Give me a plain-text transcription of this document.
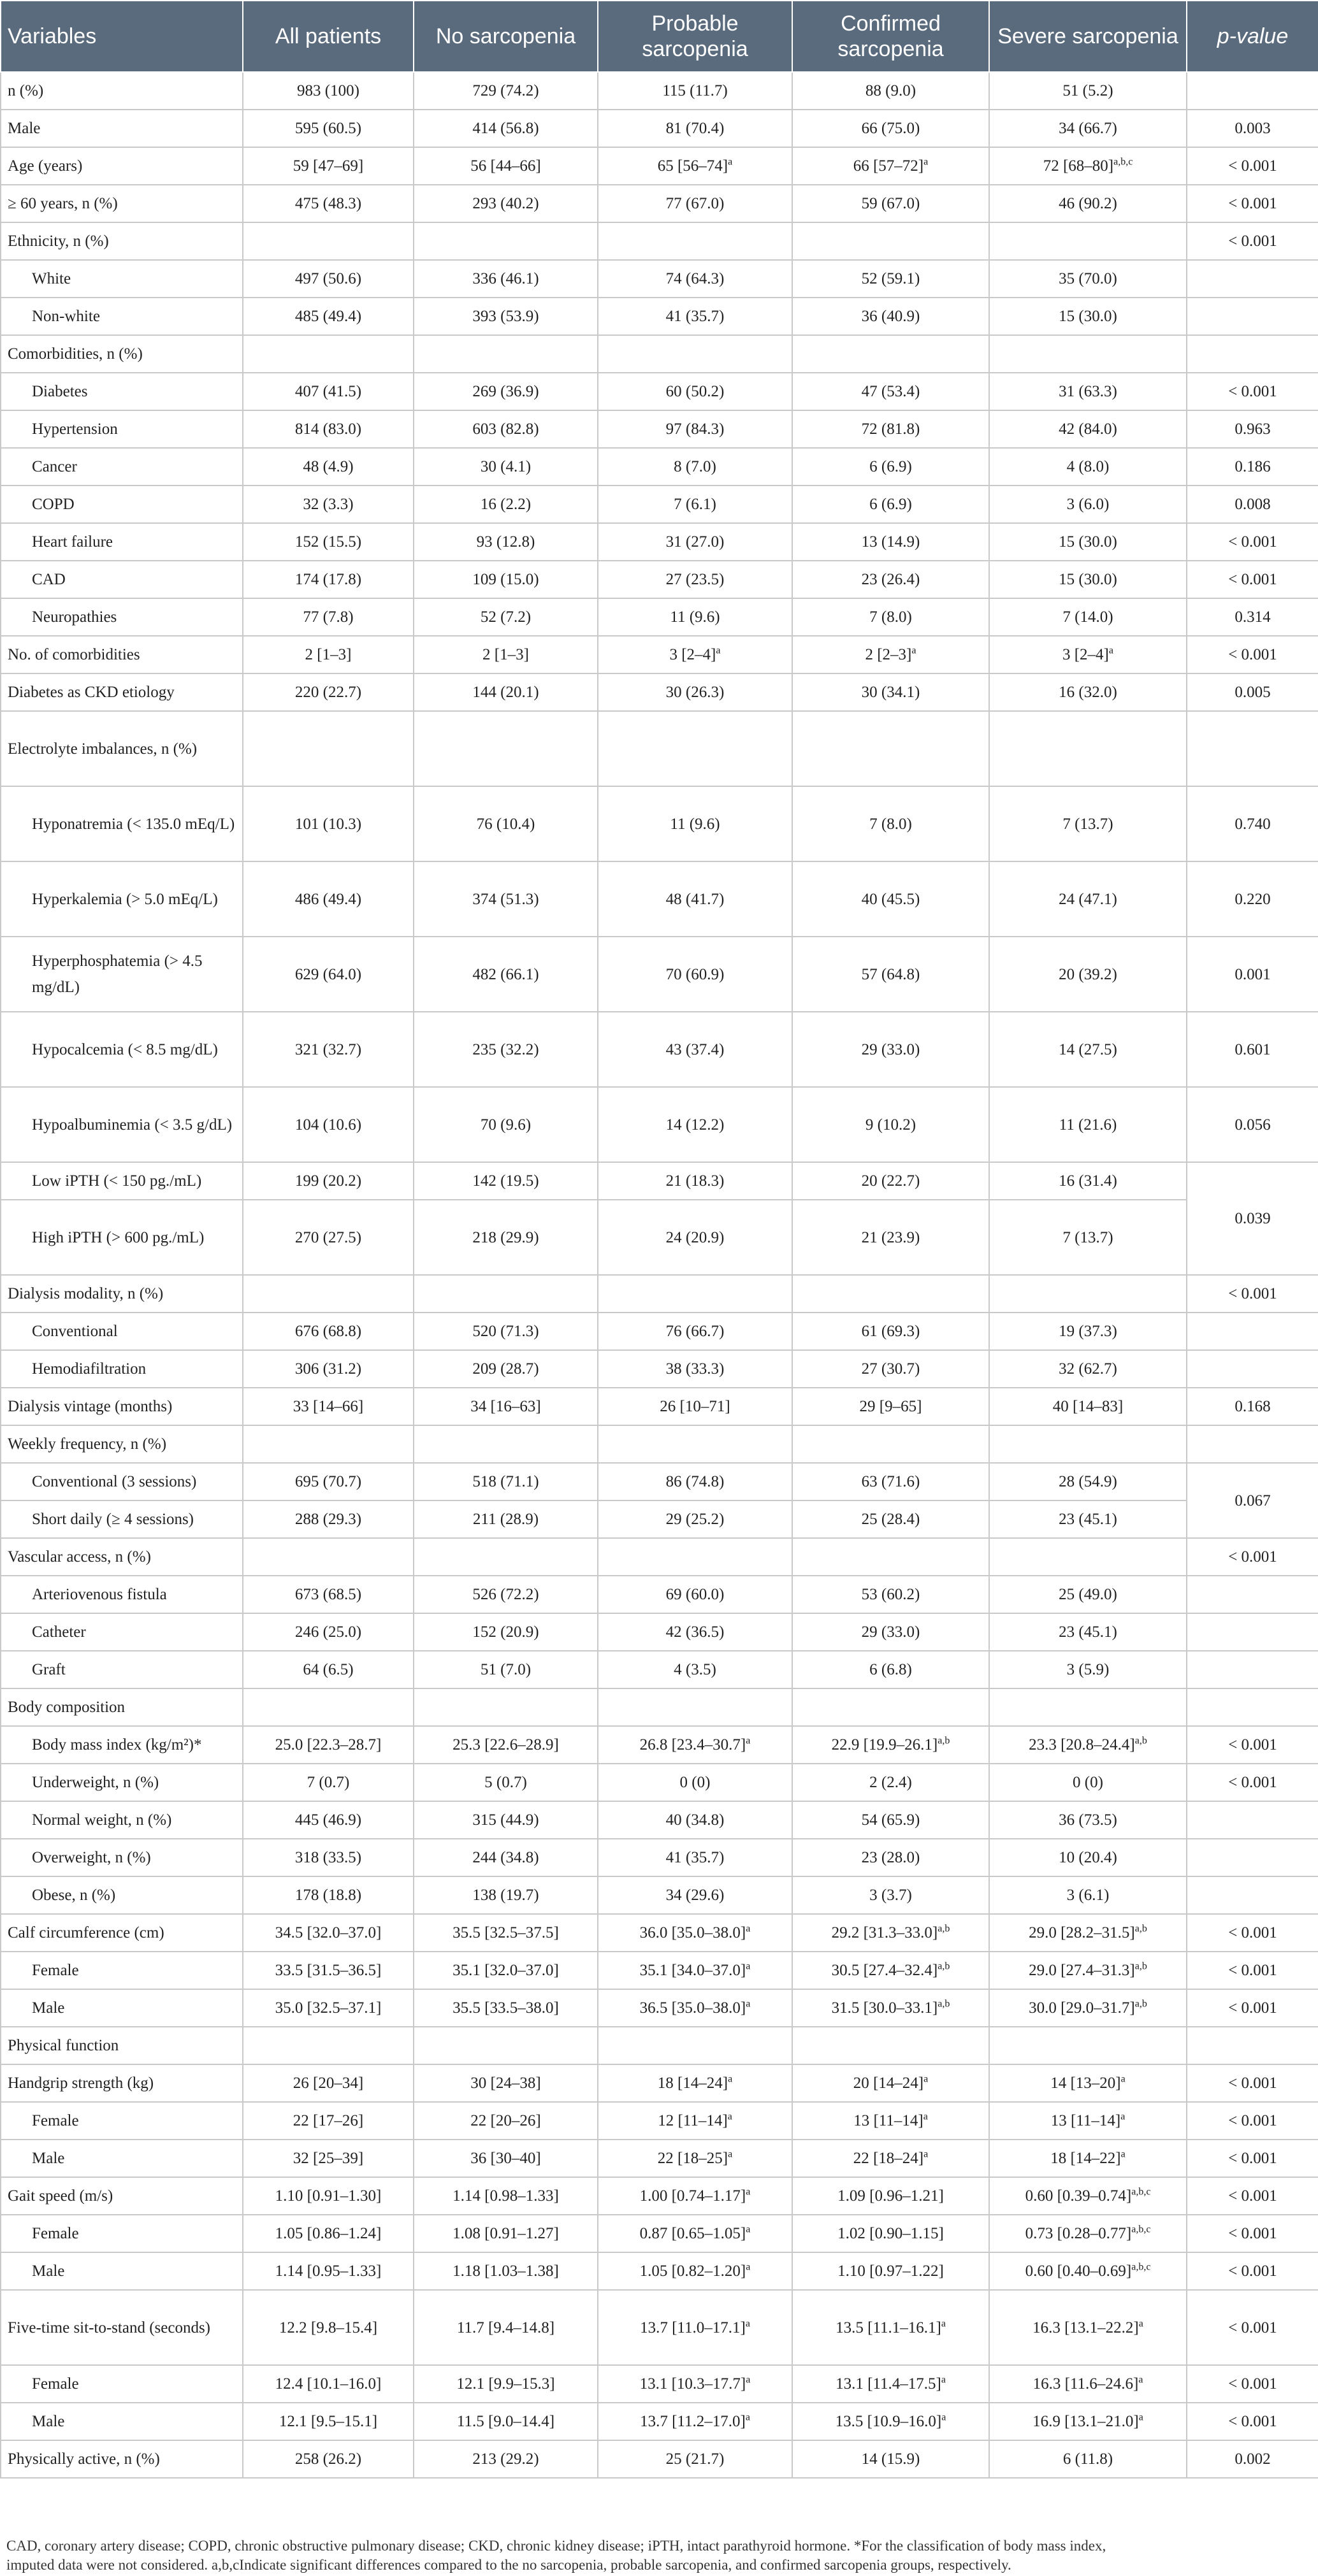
Variables	All patients	No sarcopenia	Probable sarcopenia	Confirmed sarcopenia	Severe sarcopenia	p-value
n (%)	983 (100)	729 (74.2)	115 (11.7)	88 (9.0)	51 (5.2)	
Male	595 (60.5)	414 (56.8)	81 (70.4)	66 (75.0)	34 (66.7)	0.003
Age (years)	59 [47–69]	56 [44–66]	65 $[56-74]^a$	66 $[57-72]^a$	72 $[68-80]^{a,b,c}$	< 0.001
≥ 60 years, n (%)	475 (48.3)	293 (40.2)	77 (67.0)	59 (67.0)	46 (90.2)	< 0.001
Ethnicity, n (%)						< 0.001
White	497 (50.6)	336 (46.1)	74 (64.3)	52 (59.1)	35 (70.0)	
Non-white	485 (49.4)	393 (53.9)	41 (35.7)	36 (40.9)	15 (30.0)	
Comorbidities, n (%)						
Diabetes	407 (41.5)	269 (36.9)	60 (50.2)	47 (53.4)	31 (63.3)	< 0.001
Hypertension	814 (83.0)	603 (82.8)	97 (84.3)	72 (81.8)	42 (84.0)	0.963
Cancer	48 (4.9)	30 (4.1)	8 (7.0)	6 (6.9)	4 (8.0)	0.186
COPD	32 (3.3)	16 (2.2)	7 (6.1)	6 (6.9)	3 (6.0)	0.008
Heart failure	152 (15.5)	93 (12.8)	31 (27.0)	13 (14.9)	15 (30.0)	< 0.001
CAD	174 (17.8)	109 (15.0)	27 (23.5)	23 (26.4)	15 (30.0)	< 0.001
Neuropathies	77 (7.8)	52 (7.2)	11 (9.6)	7 (8.0)	7 (14.0)	0.314
No. of comorbidities	2 [1–3]	2 [1–3]	3 $[2-4]^a$	2 $[2-3]^a$	3 $[2-4]^a$	< 0.001
Diabetes as CKD etiology	220 (22.7)	144 (20.1)	30 (26.3)	30 (34.1)	16 (32.0)	0.005
Electrolyte imbalances, n (%)						
Hyponatremia (< 135.0 mEq/L)	101 (10.3)	76 (10.4)	11 (9.6)	7 (8.0)	7 (13.7)	0.740
Hyperkalemia (> 5.0 mEq/L)	486 (49.4)	374 (51.3)	48 (41.7)	40 (45.5)	24 (47.1)	0.220
Hyperphosphatemia (> 4.5 mg/dL)	629 (64.0)	482 (66.1)	70 (60.9)	57 (64.8)	20 (39.2)	0.001
Hypocalcemia (< 8.5 mg/dL)	321 (32.7)	235 (32.2)	43 (37.4)	29 (33.0)	14 (27.5)	0.601
Hypoalbuminemia (< 3.5 g/dL)	104 (10.6)	70 (9.6)	14 (12.2)	9 (10.2)	11 (21.6)	0.056
Low iPTH (< 150 pg./mL)	199 (20.2)	142 (19.5)	21 (18.3)	20 (22.7)	16 (31.4)	0.039
High iPTH (> 600 pg./mL)	270 (27.5)	218 (29.9)	24 (20.9)	21 (23.9)	7 (13.7)	
Dialysis modality, n (%)						< 0.001
Conventional	676 (68.8)	520 (71.3)	76 (66.7)	61 (69.3)	19 (37.3)	
Hemodiafiltration	306 (31.2)	209 (28.7)	38 (33.3)	27 (30.7)	32 (62.7)	
Dialysis vintage (months)	33 [14–66]	34 [16–63]	26 [10–71]	29 [9–65]	40 [14–83]	0.168
Weekly frequency, n (%)						
Conventional (3 sessions)	695 (70.7)	518 (71.1)	86 (74.8)	63 (71.6)	28 (54.9)	0.067
Short daily (≥ 4 sessions)	288 (29.3)	211 (28.9)	29 (25.2)	25 (28.4)	23 (45.1)	
Vascular access, n (%)						< 0.001
Arteriovenous fistula	673 (68.5)	526 (72.2)	69 (60.0)	53 (60.2)	25 (49.0)	
Catheter	246 (25.0)	152 (20.9)	42 (36.5)	29 (33.0)	23 (45.1)	
Graft	64 (6.5)	51 (7.0)	4 (3.5)	6 (6.8)	3 (5.9)	
Body composition						
Body mass index (kg/m²)*	25.0 [22.3–28.7]	25.3 [22.6–28.9]	26.8 $[23.4-30.7]^a$	22.9 $[19.9-26.1]^{a,b}$	23.3 $[20.8-24.4]^{a,b}$	< 0.001
Underweight, n (%)	7 (0.7)	5 (0.7)	0 (0)	2 (2.4)	0 (0)	< 0.001
Normal weight, n (%)	445 (46.9)	315 (44.9)	40 (34.8)	54 (65.9)	36 (73.5)	
Overweight, n (%)	318 (33.5)	244 (34.8)	41 (35.7)	23 (28.0)	10 (20.4)	
Obese, n (%)	178 (18.8)	138 (19.7)	34 (29.6)	3 (3.7)	3 (6.1)	
Calf circumference (cm)	34.5 [32.0–37.0]	35.5 [32.5–37.5]	36.0 $[35.0-38.0]^a$	29.2 $[31.3-33.0]^{a,b}$	29.0 $[28.2-31.5]^{a,b}$	< 0.001
Female	33.5 [31.5–36.5]	35.1 [32.0–37.0]	35.1 $[34.0-37.0]^a$	30.5 $[27.4-32.4]^{a,b}$	29.0 $[27.4-31.3]^{a,b}$	< 0.001
Male	35.0 [32.5–37.1]	35.5 [33.5–38.0]	36.5 $[35.0-38.0]^a$	31.5 $[30.0-33.1]^{a,b}$	30.0 $[29.0-31.7]^{a,b}$	< 0.001
Physical function						
Handgrip strength (kg)	26 [20–34]	30 [24–38]	18 $[14-24]^a$	20 $[14-24]^a$	14 $[13-20]^a$	< 0.001
Female	22 [17–26]	22 [20–26]	12 $[11-14]^a$	13 $[11-14]^a$	13 $[11-14]^a$	< 0.001
Male	32 [25–39]	36 [30–40]	22 $[18-25]^a$	22 $[18-24]^a$	18 $[14-22]^a$	< 0.001
Gait speed (m/s)	1.10 [0.91–1.30]	1.14 [0.98–1.33]	1.00 $[0.74-1.17]^a$	1.09 [0.96–1.21]	0.60 $[0.39-0.74]^{a,b,c}$	< 0.001
Female	1.05 [0.86–1.24]	1.08 [0.91–1.27]	0.87 $[0.65-1.05]^a$	1.02 [0.90–1.15]	0.73 $[0.28-0.77]^{a,b,c}$	< 0.001
Male	1.14 [0.95–1.33]	1.18 [1.03–1.38]	1.05 $[0.82-1.20]^a$	1.10 [0.97–1.22]	0.60 $[0.40-0.69]^{a,b,c}$	< 0.001
Five-time sit-to-stand (seconds)	12.2 [9.8–15.4]	11.7 [9.4–14.8]	13.7 $[11.0-17.1]^a$	13.5 $[11.1-16.1]^a$	16.3 $[13.1-22.2]^a$	< 0.001
Female	12.4 [10.1–16.0]	12.1 [9.9–15.3]	13.1 $[10.3-17.7]^a$	13.1 $[11.4-17.5]^a$	16.3 $[11.6-24.6]^a$	< 0.001
Male	12.1 [9.5–15.1]	11.5 [9.0–14.4]	13.7 $[11.2-17.0]^a$	13.5 $[10.9-16.0]^a$	16.9 $[13.1-21.0]^a$	< 0.001
Physically active, n (%)	258 (26.2)	213 (29.2)	25 (21.7)	14 (15.9)	6 (11.8)	0.002
CAD, coronary artery disease; COPD, chronic obstructive pulmonary disease; CKD, chronic kidney disease; iPTH, intact parathyroid hormone. *For the classification of body mass index,
imputed data were not considered. a,b,cIndicate significant differences compared to the no sarcopenia, probable sarcopenia, and confirmed sarcopenia groups, respectively.
